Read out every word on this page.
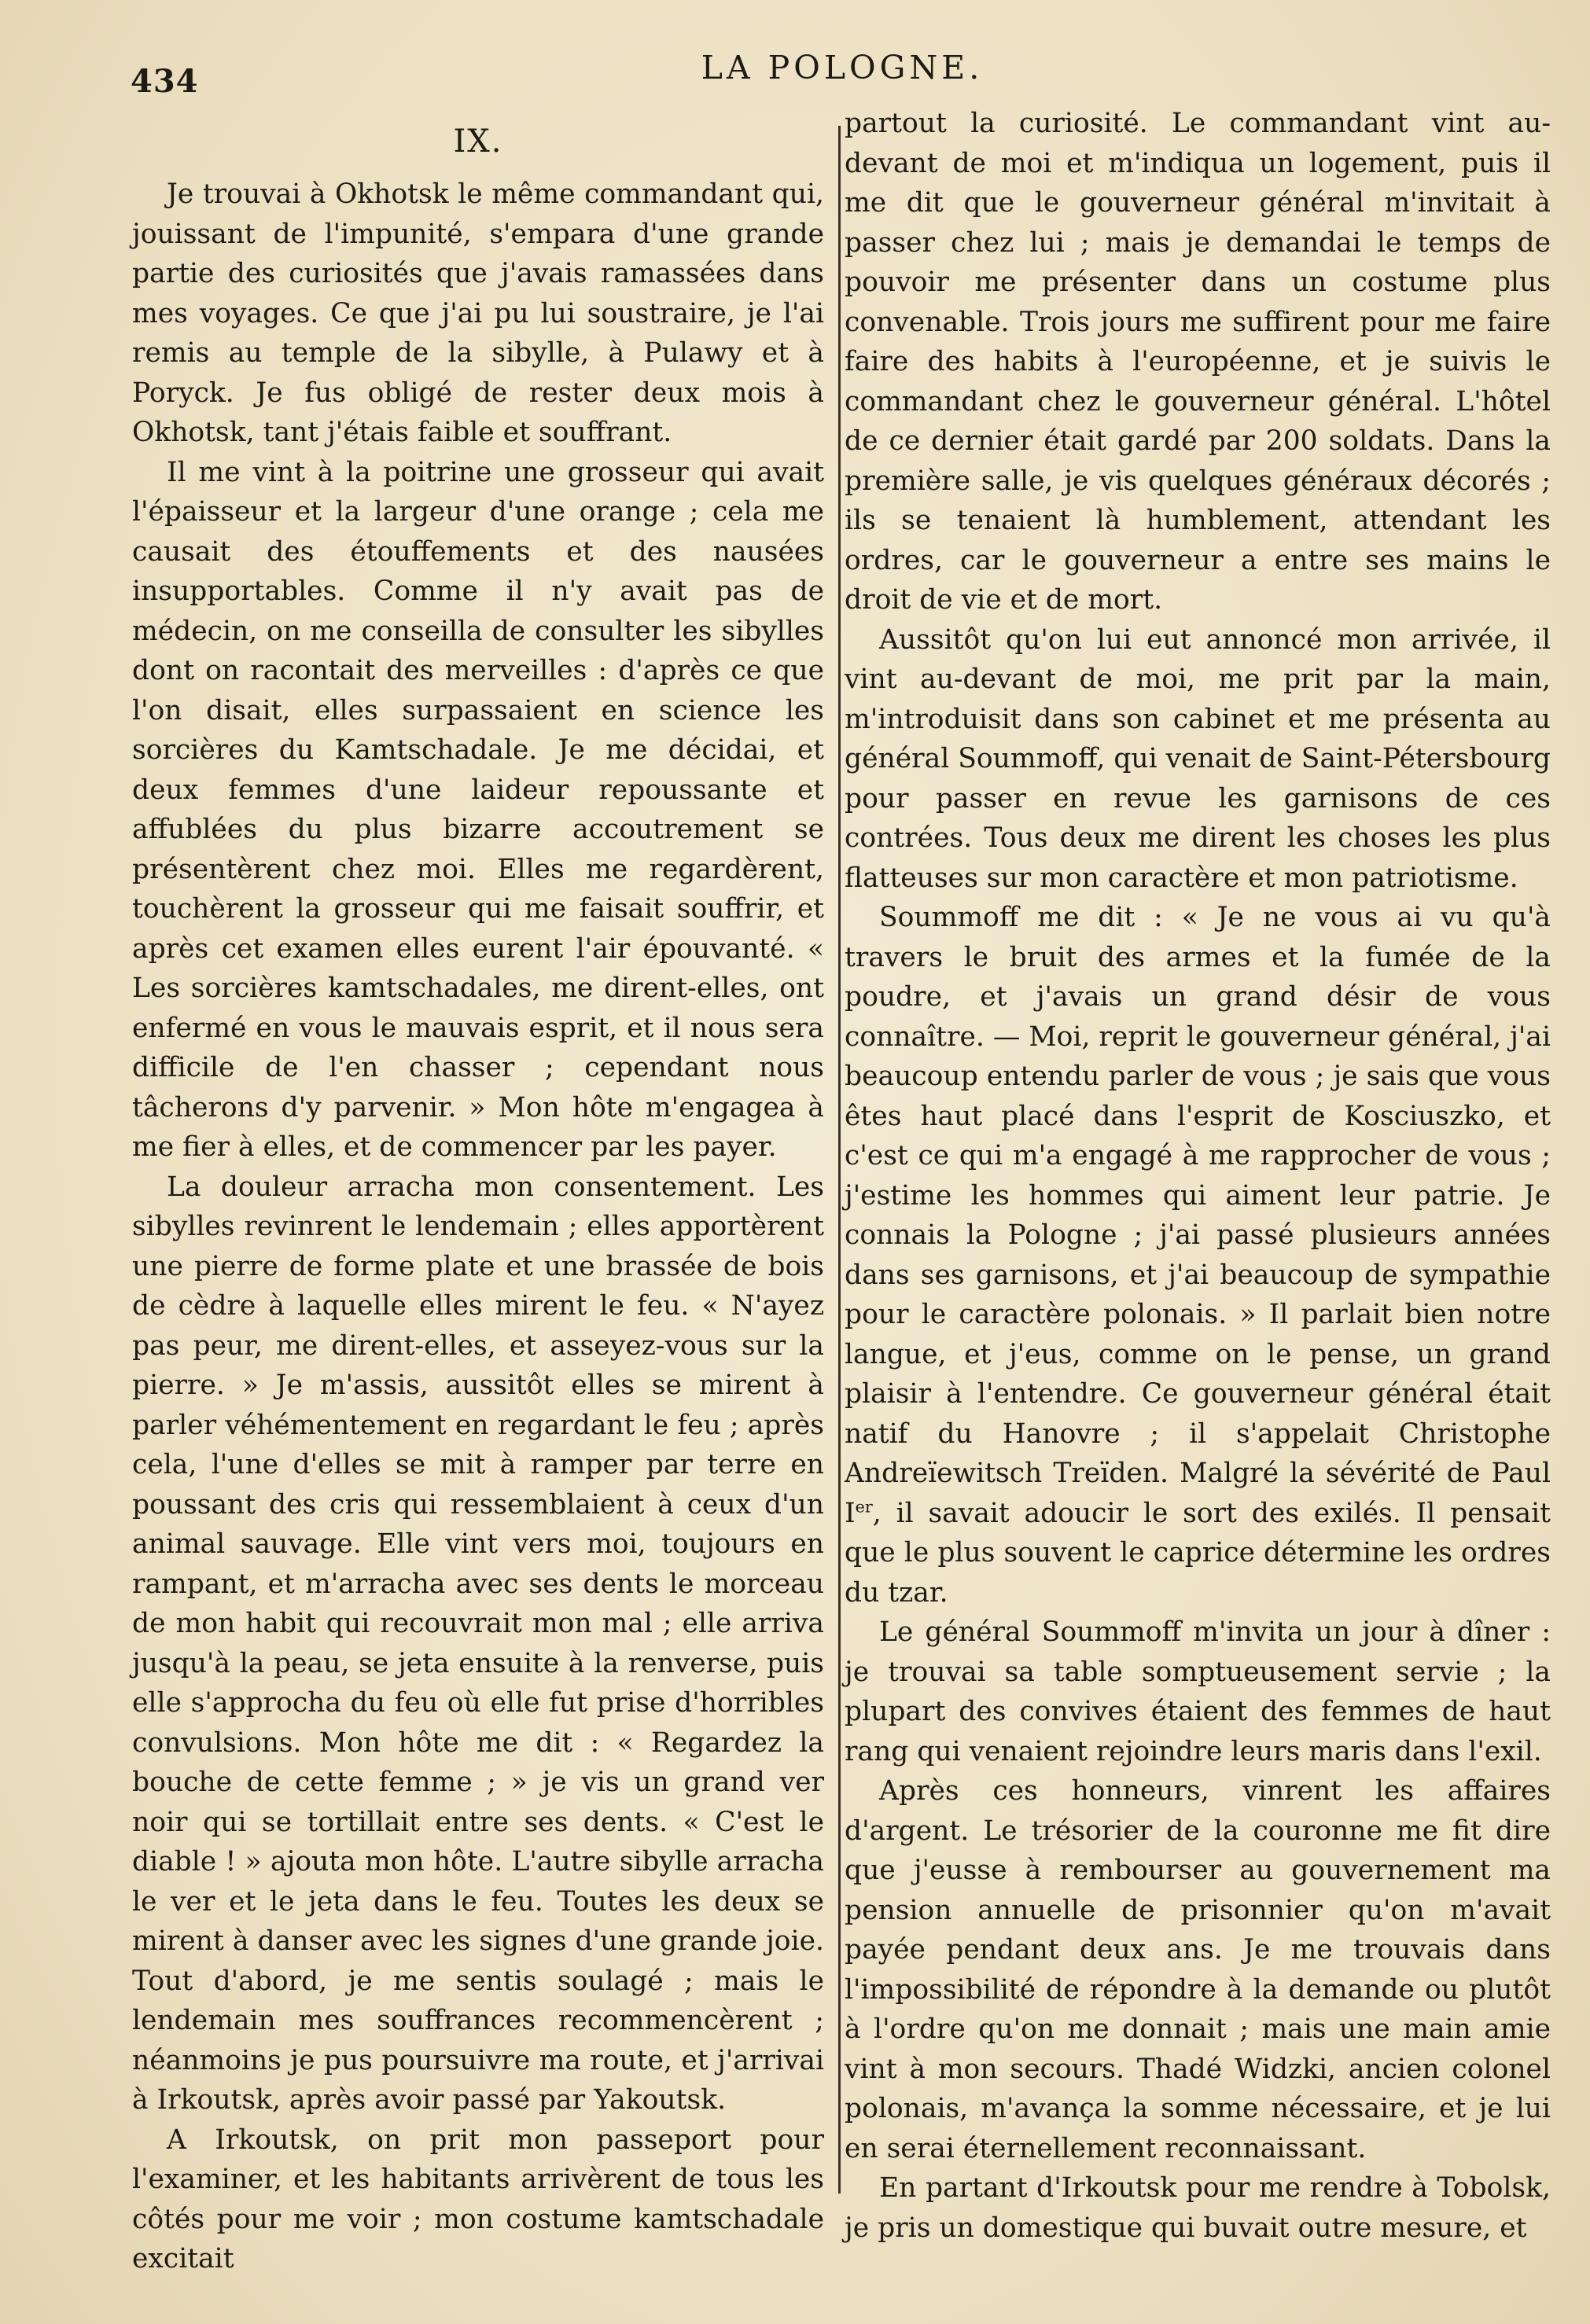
434	LA POLOGNE.
IX.

Je trouvai à Okhotsk le même commandant qui, jouissant de l'impunité, s'empara d'une grande partie des curiosités que j'avais ramassées dans mes voyages. Ce que j'ai pu lui soustraire, je l'ai remis au temple de la sibylle, à Pulawy et à Poryck. Je fus obligé de rester deux mois à Okhotsk, tant j'étais faible et souffrant.

Il me vint à la poitrine une grosseur qui avait l'épaisseur et la largeur d'une orange ; cela me causait des étouffements et des nausées insupportables. Comme il n'y avait pas de médecin, on me conseilla de consulter les sibylles dont on racontait des merveilles : d'après ce que l'on disait, elles surpassaient en science les sorcières du Kamtschadale. Je me décidai, et deux femmes d'une laideur repoussante et affublées du plus bizarre accoutrement se présentèrent chez moi. Elles me regardèrent, touchèrent la grosseur qui me faisait souffrir, et après cet examen elles eurent l'air épouvanté. « Les sorcières kamtschadales, me dirent-elles, ont enfermé en vous le mauvais esprit, et il nous sera difficile de l'en chasser ; cependant nous tâcherons d'y parvenir. » Mon hôte m'engagea à me fier à elles, et de commencer par les payer.

La douleur arracha mon consentement. Les sibylles revinrent le lendemain ; elles apportèrent une pierre de forme plate et une brassée de bois de cèdre à laquelle elles mirent le feu. « N'ayez pas peur, me dirent-elles, et asseyez-vous sur la pierre. » Je m'assis, aussitôt elles se mirent à parler véhémentement en regardant le feu ; après cela, l'une d'elles se mit à ramper par terre en poussant des cris qui ressemblaient à ceux d'un animal sauvage. Elle vint vers moi, toujours en rampant, et m'arracha avec ses dents le morceau de mon habit qui recouvrait mon mal ; elle arriva jusqu'à la peau, se jeta ensuite à la renverse, puis elle s'approcha du feu où elle fut prise d'horribles convulsions. Mon hôte me dit : « Regardez la bouche de cette femme ; » je vis un grand ver noir qui se tortillait entre ses dents. « C'est le diable ! » ajouta mon hôte. L'autre sibylle arracha le ver et le jeta dans le feu. Toutes les deux se mirent à danser avec les signes d'une grande joie. Tout d'abord, je me sentis soulagé ; mais le lendemain mes souffrances recommencèrent ; néanmoins je pus poursuivre ma route, et j'arrivai à Irkoutsk, après avoir passé par Yakoutsk.

A Irkoutsk, on prit mon passeport pour l'examiner, et les habitants arrivèrent de tous les côtés pour me voir ; mon costume kamtschadale excitait

partout la curiosité. Le commandant vint au-devant de moi et m'indiqua un logement, puis il me dit que le gouverneur général m'invitait à passer chez lui ; mais je demandai le temps de pouvoir me présenter dans un costume plus convenable. Trois jours me suffirent pour me faire faire des habits à l'européenne, et je suivis le commandant chez le gouverneur général. L'hôtel de ce dernier était gardé par 200 soldats. Dans la première salle, je vis quelques généraux décorés ; ils se tenaient là humblement, attendant les ordres, car le gouverneur a entre ses mains le droit de vie et de mort.

Aussitôt qu'on lui eut annoncé mon arrivée, il vint au-devant de moi, me prit par la main, m'introduisit dans son cabinet et me présenta au général Soummoff, qui venait de Saint-Pétersbourg pour passer en revue les garnisons de ces contrées. Tous deux me dirent les choses les plus flatteuses sur mon caractère et mon patriotisme.

Soummoff me dit : « Je ne vous ai vu qu'à travers le bruit des armes et la fumée de la poudre, et j'avais un grand désir de vous connaître. — Moi, reprit le gouverneur général, j'ai beaucoup entendu parler de vous ; je sais que vous êtes haut placé dans l'esprit de Kosciuszko, et c'est ce qui m'a engagé à me rapprocher de vous ; j'estime les hommes qui aiment leur patrie. Je connais la Pologne ; j'ai passé plusieurs années dans ses garnisons, et j'ai beaucoup de sympathie pour le caractère polonais. » Il parlait bien notre langue, et j'eus, comme on le pense, un grand plaisir à l'entendre. Ce gouverneur général était natif du Hanovre ; il s'appelait Christophe Andreïewitsch Treïden. Malgré la sévérité de Paul Ier, il savait adoucir le sort des exilés. Il pensait que le plus souvent le caprice détermine les ordres du tzar.

Le général Soummoff m'invita un jour à dîner : je trouvai sa table somptueusement servie ; la plupart des convives étaient des femmes de haut rang qui venaient rejoindre leurs maris dans l'exil.

Après ces honneurs, vinrent les affaires d'argent. Le trésorier de la couronne me fit dire que j'eusse à rembourser au gouvernement ma pension annuelle de prisonnier qu'on m'avait payée pendant deux ans. Je me trouvais dans l'impossibilité de répondre à la demande ou plutôt à l'ordre qu'on me donnait ; mais une main amie vint à mon secours. Thadé Widzki, ancien colonel polonais, m'avança la somme nécessaire, et je lui en serai éternellement reconnaissant.

En partant d'Irkoutsk pour me rendre à Tobolsk, je pris un domestique qui buvait outre mesure, et
